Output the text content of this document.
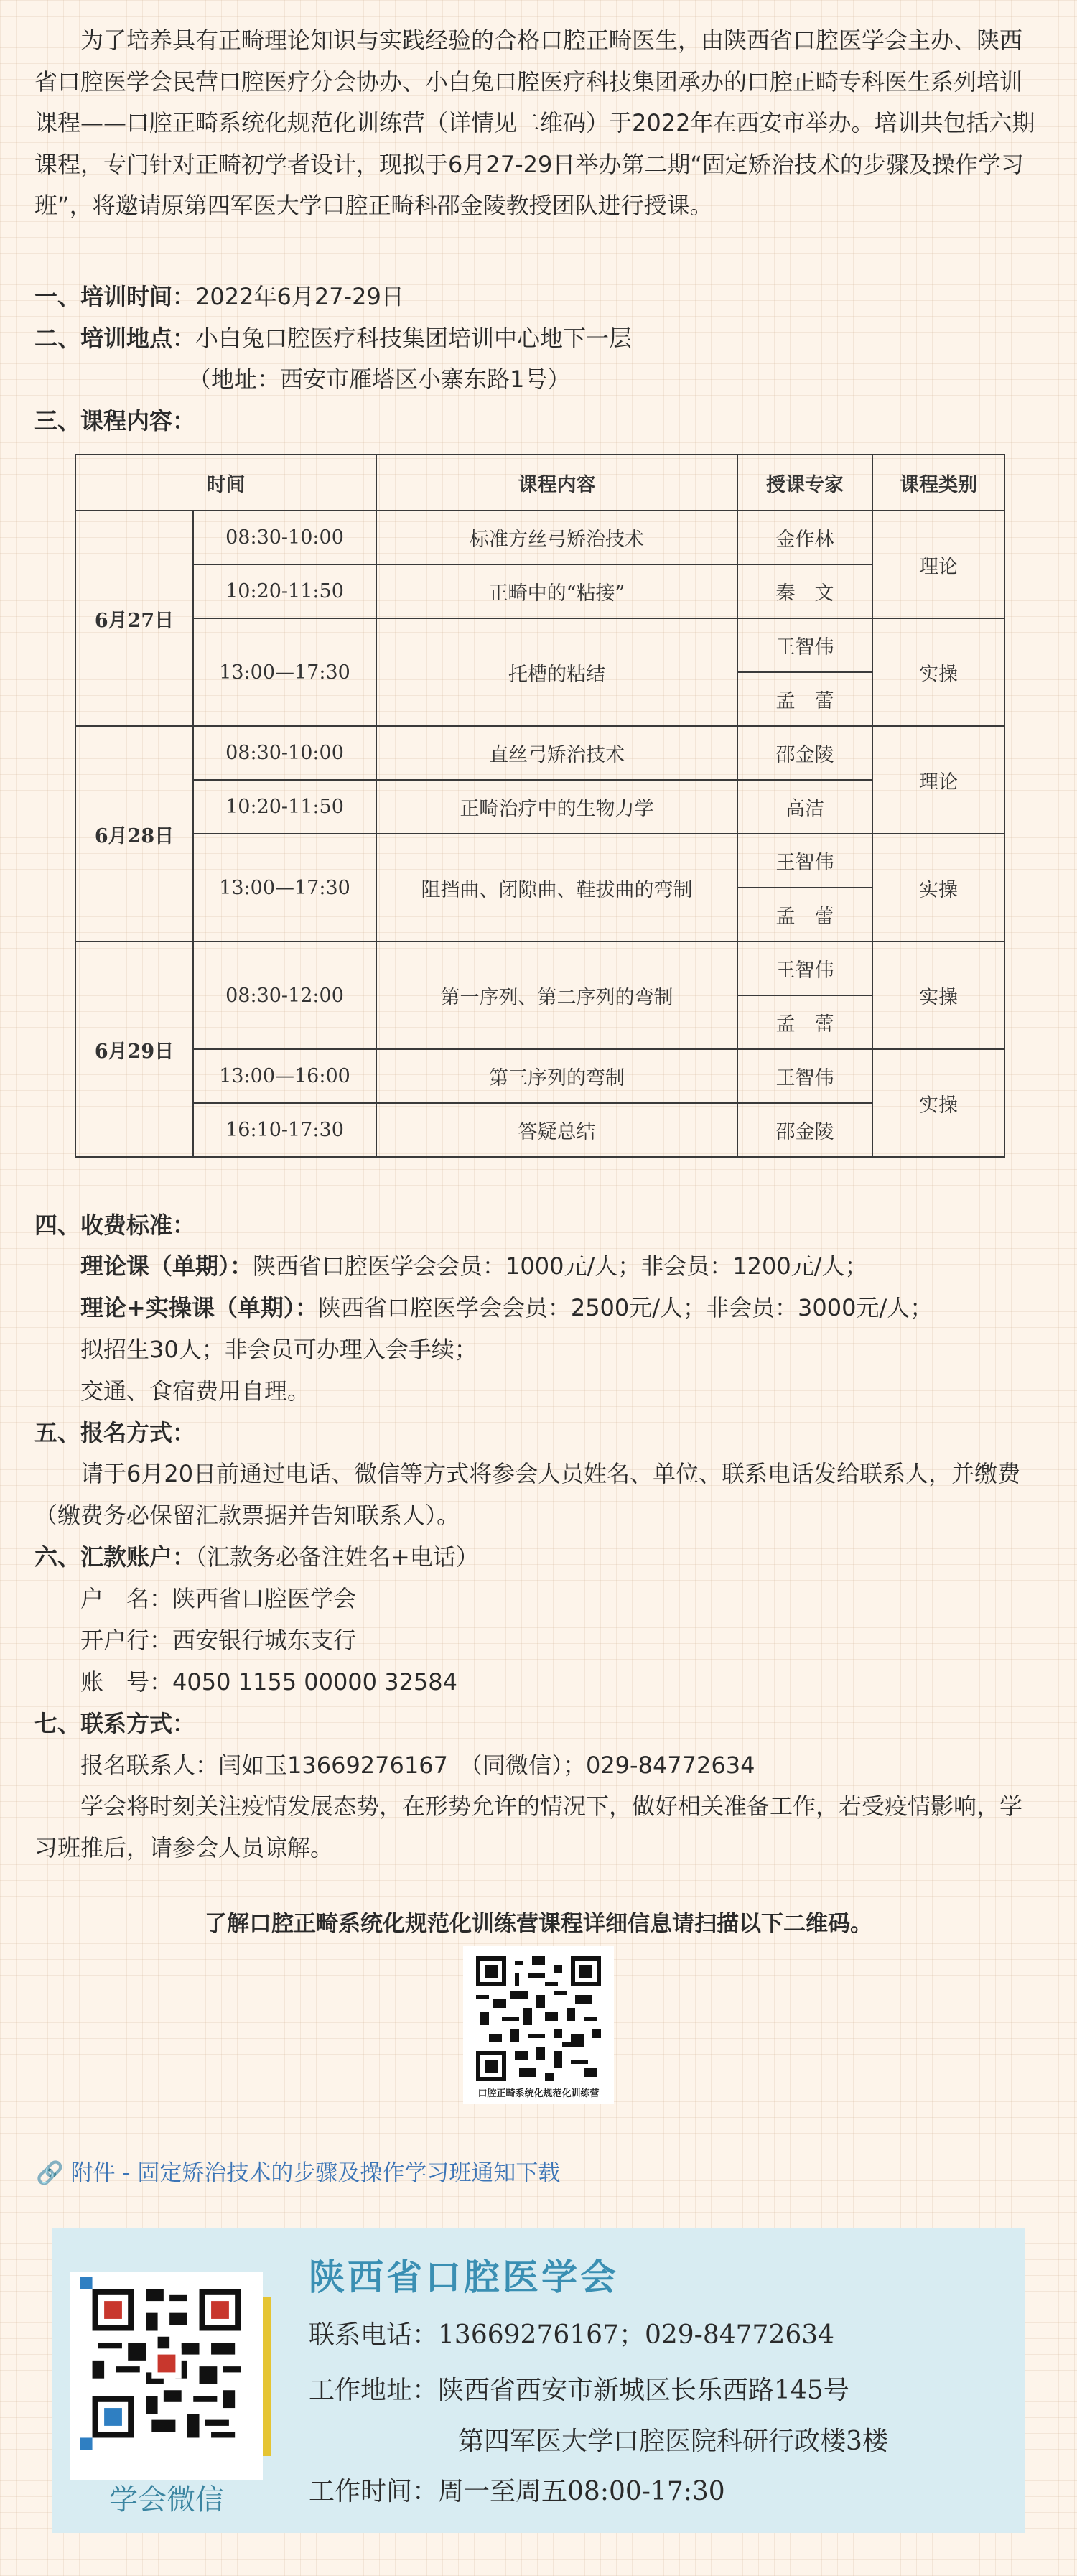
为了培养具有正畸理论知识与实践经验的合格口腔正畸医生，由陕西省口腔医学会主办、陕西省口腔医学会民营口腔医疗分会协办、小白兔口腔医疗科技集团承办的口腔正畸专科医生系列培训课程——口腔正畸系统化规范化训练营（详情见二维码）于2022年在西安市举办。培训共包括六期课程，专门针对正畸初学者设计，现拟于6月27-29日举办第二期“固定矫治技术的步骤及操作学习班”，将邀请原第四军医大学口腔正畸科邵金陵教授团队进行授课。

一、培训时间：2022年6月27-29日
二、培训地点：小白兔口腔医疗科技集团培训中心地下一层
（地址：西安市雁塔区小寨东路1号）
三、课程内容：
时间		课程内容	授课专家	课程类别
6月27日	08:30-10:00	标准方丝弓矫治技术	金作林	理论
	10:20-11:50	正畸中的“粘接”	秦　文	
	13:00—17:30	托槽的粘结	王智伟	实操
			孟　蕾	
6月28日	08:30-10:00	直丝弓矫治技术	邵金陵	理论
	10:20-11:50	正畸治疗中的生物力学	高洁	
	13:00—17:30	阻挡曲、闭隙曲、鞋拔曲的弯制	王智伟	实操
			孟　蕾	
6月29日	08:30-12:00	第一序列、第二序列的弯制	王智伟	实操
			孟　蕾	
	13:00—16:00	第三序列的弯制	王智伟	实操
	16:10-17:30	答疑总结	邵金陵	
四、收费标准：
理论课（单期）：陕西省口腔医学会会员：1000元/人；非会员：1200元/人；
理论+实操课（单期）：陕西省口腔医学会会员：2500元/人；非会员：3000元/人；
拟招生30人；非会员可办理入会手续；
交通、食宿费用自理。
五、报名方式：

请于6月20日前通过电话、微信等方式将参会人员姓名、单位、联系电话发给联系人，并缴费（缴费务必保留汇款票据并告知联系人）。

六、汇款账户：（汇款务必备注姓名+电话）
户　名：陕西省口腔医学会
开户行：西安银行城东支行
账　号：4050 1155 00000 32584
七、联系方式：
报名联系人：闫如玉13669276167　（同微信）；029-84772634

学会将时刻关注疫情发展态势，在形势允许的情况下，做好相关准备工作，若受疫情影响，学习班推后，请参会人员谅解。

了解口腔正畸系统化规范化训练营课程详细信息请扫描以下二维码。
口腔正畸系统化规范化训练营
🔗 附件 - 固定矫治技术的步骤及操作学习班通知下载
学会微信
陕西省口腔医学会
联系电话：13669276167；029-84772634
工作地址：陕西省西安市新城区长乐西路145号
第四军医大学口腔医院科研行政楼3楼
工作时间：周一至周五08:00-17:30
